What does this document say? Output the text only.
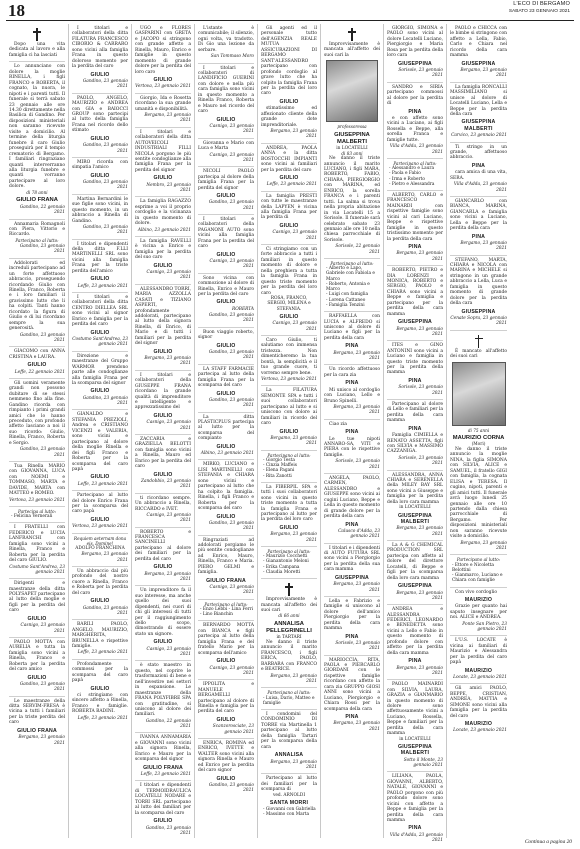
18	L'ECO DI BERGAMO
SABATO 23 GENNAIO 2021

Dopo una vita dedicata al lavoro e alla famiglia ci ha lasciati

Lo annunciano con dolore la moglie RINELLA, i figli FRANCO e ROBERTA, il cognato, la nuora, le nipoti e i parenti tutti. Il funerale si terrà sabato 23 gennaio alle ore 14.30 direttamente nella Basilica di Gandino. Per disposizioni ministeriali non saranno ricevute visite a domicilio. Al termine della liturgia funebre il caro Giulio proseguirà per il tempio crematorio di Bergamo. I familiari ringraziano quanti interverranno alla liturgia funebre e quanti vorranno partecipare al loro dolore.

di 78 anni
GIULIO FRANA
Gandino, 22 gennaio 2021

Annamaria Romagnoli con Piera, Vittorio e Riccardo.

Partecipano al lutto:
Gandino, 23 gennaio 2021

Addolorati ed increduli partecipano ad un forte affettuoso abbraccio, proseguendo ricordando Giulio con Rinella, Franco, Roberta e i loro familiari il gravissimo lutto che li ha colpiti. Tanti hanno ricordato la figura di Giulio e di lui ricordano sempre la sua generosità.

Gandino, 23 gennaio 2021

GIACOMO con ANNA CRISTINA e LAURA.

GIULIO
Leffe, 22 gennaio 2021

Gli uomini veramente grandi non possono dubitare di se stessi nemmeno fino alla fine. Gandino ricorda con rimpianto i primi grandi amici che lo hanno preceduto, con profondo affetto lasciano a noi il suo ricordo: Giulio, Rinella, Franco, Roberta e Sergio.

Gandino, 23 gennaio 2021

Tua Rinella MARIO con GIOVANNA, LUCA con NOEMI e TOMMASO, MARTA e DAVIDE, MARTA con MATTEO e ROMEO.

Vertova, 23 gennaio 2021
Partecipa al lutto:
- Felicina Vernerali

I FRATELLI con FEDERICO e LUCIA LANFRANCHI con famiglia sono vicini a Rinella, Franco e Roberta per la perdita del caro GIULIO.

Costumo Sant'Andrea, 23 gennaio 2021

Dirigenti e maestranze della ditta POLYSAPET partecipano al lutto della moglie e figli per la perdita del caro

GIULIO
Casnigo, 23 gennaio 2021

PAOLO MOTTA con AURELIA e tutta la famiglia sono vicini a Rinella, Franco e Roberta per la perdita del caro amico

GIULIO
Gandino, 23 gennaio 2021

Le maestranze della ditta SERVIM-FRESA è vicina a tutti i familiari per la triste perdita del caro

GIULIO FRANA
Bergamo, 23 gennaio 2021

I titolari e collaboratori della ditta FILATURA FRANCESCO CIBORIO & CARRARO sono vicini alla famiglia Frana in questo doloroso momento per la perdita del caro

GIULIO
Gandino, 23 gennaio 2021

PAOLO, ANGELO, MAURIZIO e ANDREA con GIA e BAIOCCI GROUP sono partecipi al lutto della famiglia Frana nel ricordo dello stimato

GIULIO
Gandino, 23 gennaio 2021

MIRO ricorda con simpatia l'amico

GIULIO
Gandino, 23 gennaio 2021

Martina Bernardini le sue figlie sono vicini, in questo momento, in un abbraccio a Rinella di Gandino.

Gandino, 23 gennaio 2021

I titolari e dipendenti della ditta F.LLI MARTINELLI SRL sono vicini alla famiglia Frana per la triste perdita dell'amico

GIULIO
Leffe, 23 gennaio 2021

I titolari e collaboratori della ditta CENTRO DIELLEA SRL sono vicini al signor Enrico e famiglia per la perdita del caro

GIULIO
Costumo Sant'Andrea, 23 gennaio 2021

Direzione e maestranze del Gruppo WARMOR prendono parte alle condoglianze alla famiglia Frana per la scomparsa del signor

GIULIO
Gandino, 23 gennaio 2021

GIANALDO e STEFANIA PREZIOLI, Andrea e CRISTIANO VICENZI e VALERIA, sono vicini e partecipano al dolore della moglie Rinella e dei figli Franco e Roberta per la scomparsa del caro papà

GIULIO
Leffe, 23 gennaio 2021

Partecipano al lutto del dolore Enrico Frana per la scomparsa del caro papà

GIULIO
Vertova, 23 gennaio 2021
Requiem aeternam dona eis, Domine!
ADOLFO FRANCHINA
Bergamo, 23 gennaio 2021

Un abbraccio dal più profondo del nostro cuore a Rinella, Franco e Roberta per la perdita del caro

GIULIO
Gandino, 23 gennaio 2021

BARILI PAOLO, ANGELO, MAURIZIO, MARGHERITA, BRUNELLA e rispettive famiglie.

Leffe, 23 gennaio 2021

Profondamente commossi per la scomparsa del caro papà

GIULIO

ci stringiamo con sincero affetto a Rinella, Franco e famiglie. ROBERTA BADINI.

Leffe, 23 gennaio 2021

UGO e FLORES GASPARINI con GRETA e JACOPO si stringono con grande affetto a Rinella, Mauro, Enrico e famiglie in questo momento di grande dolore per la perdita del loro caro

GIULIO
Vertova, 23 gennaio 2021

Giorgio, Ida e Rosetta ricordano la sua grande umanità e disponibilità.

Bergamo, 23 gennaio 2021

I titolari e collaboratori della ditta AUTOVEICOLI INDUSTRIALI FILLI NICOLA porgono le più sentite condoglianze alla famiglia Frana per la perdita del signor

GIULIO
Nembro, 23 gennaio 2021

La famiglia RAGAZZO esprime a voi il proprio cordoglio e la vicinanza in questo momento di dolore.

Albino, 23 gennaio 2021

La famiglia RAVELLI è vicina a Enrico e famiglia per la perdita del suo caro

GIULIO
Casnigo, 23 gennaio 2021

ALESSANDRO TORRI, MARIA AZZOLLA CASATI e TIZIANO ASPERTI, profondamente addolorati, partecipano al lutto della signora Rinella, di Enrico, di Mario e di tutti i familiari per la perdita del signor

GIULIO
Bergamo, 23 gennaio 2021

I titolari e collaboratori della GIUSEPPE FRANA ricordano la grande qualità di imprenditore e intelligente e apprezzatissimo del

GIULIO
Casnigo, 23 gennaio 2021

ZACCARIA e GRAZIELLA BELOTTI con famiglia sono vicini a Rinella, Mauro ed Enrico per la perdita del caro

GIULIO
Zandobbio, 23 gennaio 2021

ti ricordano sempre. Un abbraccio a Rinella, RICCARDO e IVET.

Casnigo, 23 gennaio 2021

ROBERTO e FRANCESCA SANCINELLI partecipano al dolore dei familiari per la perdita del caro

GIULIO
Bergamo, 23 gennaio 2021

Un imprenditore fa il suo interesse, ma anche quello dei suoi dipendenti, nei cuori di chi gli interessi di tutti per il raggiungimento dello scopo, dimostrando di essere stato un signore.

GIULIO
Casnigo, 23 gennaio 2021

è stato maestro in questo, nel coprire le trasformazioni di bene e nell'investire nei settori in espansione. Le maestranze della FRANA POLYFIBRE SPA con gratitudine, si uniscono al dolore dei familiari.

Gandino, 22 gennaio 2021

IVANNA ANNAMARIA e GIOVANNI sono vicini alla signora Rinella, Enrico e Mauro per la scomparsa del signor

GIULIO FRANA
Leffe, 23 gennaio 2021

I titolari e dipendenti di TERMOIDRAULICA LOCATELLI NODARE e TORRI SRL partecipano al lutto dei familiari per la scomparsa del caro

GIULIO
Gandino, 23 gennaio 2021

L'istante è comunicabile; il silenzio, ogni volta, va tradotto. Di Gio una lezione da serbare.

San Tommaso Moro

I titolari e collaboratori di LANDIFICIO GUERINI con dolore e nella più cara famiglia sono vicini in questo momento a Rinella Franco, Roberta e Mauro nel ricordo del caro

GIULIO
Casnigo, 23 gennaio 2021

Giovanna e Mario con Luca e Marta

Casnigo, 23 gennaio 2021

NICOLI PAOLO partecipa al dolore della famiglia Frana per la perdita del signor

GIULIO
Gandino, 23 gennaio 2021

I titolari e collaboratori della PAGANONI AUTO sono vicini alla famiglia Frana per la perdita del caro

GIULIO
Casnigo, 23 gennaio 2021

Sono vicina con commozione al dolore di Rinella, Enrico e Mauro per la perdita del caro

GIULIO
ROBERTA
Gandino, 23 gennaio 2021

Buon viaggio roberto, signor

GIULIO
Gandino, 23 gennaio 2021

LA STAFF FARMACIE partecipa al lutto della famiglia Frana per la scomparsa del caro

GIULIO
Gandino, 23 gennaio 2021

La ditta PLASTICPLUS partecipa al lutto per la scomparsa del compianto

GIULIO
Albino, 23 gennaio 2021

MIRKO, LUCIANO e LISI MARTINELLI con STEFANIA e CHIARA sono vicini e partecipano al lutto che ha colpito la famiglia. Rinella, i figli Franco e Roberta per la scomparsa del caro

GIULIO
Gandino, 23 gennaio 2021

Ringraziati ad addolorati porgiamo le più sentite condoglianze ad Enrico, Mauro, Rinella, Franco e Maria. PIERO GELMI e famiglia.

GIULIO FRANA
Casnigo, 23 gennaio 2021
Partecipano al lutto:
- Enzo Lebbi - Lina Ferri
- Lino Bianchin

BERNARDO MOTTA con BIANCA e figli partecipa al lutto della famiglia Frana e del fratello Mario per la scomparsa dell'amico

GIULIO
Casnigo, 23 gennaio 2021

IPPOLITA e MANUELE BERGAMELLI partecipano al dolore di Rinella e famiglia per la perdita del caro

GIULIO
Scanzorosciate, 23 gennaio 2021

ENRICA, ROMINA ed ENRICO, IVETTE e WALTER sono vicini alla signora Rinella e Mauro ed Enrico per la perdita del caro signor

GIULIO
Gandino, 23 gennaio 2021

Gli agenti ed il personale tutto dell'AGENZIA REALE MUTUA ASSICURAZIONI DI BERGAMO SANT'ALESSANDRO partecipano con profondo cordoglio al grave lutto che ha colpito la famiglia Frana per la perdita del loro caro

GIULIO

stimatissimo ed affezionato cliente della grande dote imprenditoriale.

Bergamo, 23 gennaio 2021

ANDREA, PAOLA ANNA e la ditta BOSTOCCHI IMPIANTI sono vicini ai familiari per la perdita del caro

GIULIO
Leffe, 23 gennaio 2021

La famiglia PRESTI con tutte le maestranze della LAPYEN è vicina alla famiglia Frana per la perdita di

GIULIO
Casnigo, 23 gennaio 2021

Ci stringiamo con un forte abbraccio a tutti i familiari in questo momento di dolore e nella preghiera a tutta la famiglia Frana in questo triste momento per la perdita del loro caro

ROSA, FRANCO, SERGIO, MILENA e STEFANIA.
GIULIO
Casnigo, 23 gennaio 2021

Caro Giulio, ti salutiamo con immensa tristezza. Non dimenticheremo la tua bontà, la semplicità e il tuo grande cuore, ti vorremo sempre bene.

Vertova, 23 gennaio 2021

La FILATURA SEMONTE SPA e tutti i suoi collaboratori partecipano al lutto e si uniscono con dolore ai familiari in ricordo del caro

GIULIO
Bergamo, 23 gennaio 2021
Partecipano al lutto:
- Giorgio Testa
- Cinzia Maffeis
- Elena Pagani
- Rita Zanotti

La FIBERPIL SPA e tutti i suoi collaboratori sono vicini in questo triste momento a tutta la famiglia Frana e partecipano al lutto per la perdita del loro caro

GIULIO
Bergamo, 23 gennaio 2021
Partecipano al lutto:
- Maurizio Cocchetti
- Gianantonio Meloni
- Erika Campana
- Claudia Moretti

Improvvisamente è mancata all'affetto dei suoi cari

di 66 anni
ANNALISA PELLEGRINELLI
in TARTARI

Ne danno il triste annuncio il marito FRANCESCO, i figli ERICA, PAOLO, BARBARA con FRANCO e BEATRICE.

Bergamo, 23 gennaio 2021
Partecipano al lutto:
- Luisa, Dario, Matteo e famiglie

I condomini del CONDOMINIO DI TORRE via Martinella 1 partecipano al lutto della famiglia Tartari per la scomparsa della cara

ANNALISA
Bergamo, 23 gennaio 2021

Partecipano al lutto dei familiari per la scomparsa di

ved. ARNOLDI
SANTA MORRI
- Giovanni con Gabriella
- Massimo con Marta

Improvvisamente è mancata all'affetto dei suoi cari la

professoressa
GIUSEPPINA MALBERTI
in LOCATELLI
di 83 anni

Ne danno il triste annuncio il marito LUCIANO, i figli MARA, ROBERTO, FABIO, CHIARA, PIERGIORGIO con MARINA, ed ENRICO, la sorella FRANCA e i parenti tutti. La salma si trova nella propria abitazione in via Locatelli 15 a Sorisole. Il funerale sarà celebrato sabato 23 gennaio alle ore 10 nella chiesa parrocchiale di Sorisole.

Sorisole, 22 gennaio 2021
Partecipano al lutto:
- Alberto e Lapo, Gabriele con Fabiola e Marco
- Roberto, Antonia e Marco
- Luigi con famiglia
- Lorena Cattaneo
- Famiglia Tenzini

RAFFAELLA con LUCIA e ALFREDO si uniscono al dolore di Luciano e figli per la perdita della cara

PINA
Bergamo, 23 gennaio 2021

Un ricordo affettuoso per la cara zia

PINA

Mi unisco al cordoglio con Luciano, Lello e Bruno Spinelli.

Bergamo, 23 gennaio 2021

Ciao zia

PINA

Le tue nipoti ANNARO-SA, VITI e PIERA con le rispettive famiglie.

Sorisole, 23 gennaio 2021

ANGELA, PAOLO, CARMEN, ALESSANDRO e GIUSEPPE sono vicini ai cugini Luciano, Beppe e Lella in questo momento di grande dolore per la perdita della cara

PINA
Calusco d'Adda, 23 gennaio 2021

I titolari e i dipendenti di AUTO FUTURA SRL sono vicini a Piergiorgio per la perdita della sua cara mamma

GIUSEPPINA
Bergamo, 23 gennaio 2021

Lella e Fabrizio e famiglie si uniscono al dolore dell'amico Piergiorgio per la perdita della cara mamma

PINA
Sorisole, 23 gennaio 2021

MARIOCCIA, RITA, PAOLA e PIERCARLO GIORDANI con le rispettive famiglie ricordano con affetto la cara zia GRUPPO GIOSI ANNI sono vicini a Luciano, Piergiorgio e Chiara Rossi per la scomparsa della cara

PINA
Bergamo, 23 gennaio 2021

GIORGIO, SIMONA e PAOLO sono vicini al dolore Locatelli Luciano, Piergiorgio e Maria Rosa per la perdita della loro cara

GIUSEPPINA
Sorisole, 23 gennaio 2021

SANDRO e SIRIA partecipano commossi al dolore per la perdita di

PINA

e con affetto sono vicini a Luciano, ai figli Rossella e Beppe, alla sorella Franca e famiglie tutte.

Villa d'Adda, 23 gennaio 2021
Partecipano al lutto:
- Alessandro e Laura
- Paola e Fabio
- Irma e Roberto
- Pietro e Alessandra

ALBERTO, CARLO e FRANCESCO MAINARDI con rispettive famiglie sono vicini al cari Luciano, Beppe e rispettive famiglie in questo tristissimo momento per la perdita della cara

PINA
Bergamo, 23 gennaio 2021

ROBERTO, PIETRO e DIA LORENZI e MONICA, ROBERTO e SERGIO, PAOLO e CHIARA sono vicini a Beppe e famiglia e partecipano per la perdita della cara mamma

GIUSEPPINA
Bergamo, 23 gennaio 2021

ITES e GINO ANTONINI sono vicini a Luciano e famiglia in questo triste momento per la perdita della mamma

PINA
Sorisole, 23 gennaio 2021

Partecipano al dolore di Lello e familiari per la perdita della cara mamma

PINA

Famiglia CIMIELLA e RENATO ASSETTA, figli con SILVIA e MASSIMO CAZZANIGA.

Sorisole, 23 gennaio 2021

ALESSANDRA, ANNA CHIARA e SERENELLA della MILEY BAY SRL sono vicini a Giuseppe e famiglia per la perdita della loro cara mamma

in LOCATELLI
GIUSEPPINA MALBERTI
Bergamo, 23 gennaio 2021

La A & G CHEMICAL PRODUCTION SRL partecipa con affetto al dolore del direttore Locatelli, di Beppe e figli per la scomparsa della loro cara mamma

GIUSEPPINA
Bergamo, 23 gennaio 2021

ANDREA e ALESSANDRA FEDERICI, LEONARDO e BENEDETTA sono vicini a Lello e Fabio in questo momento di profondo dolore con affetto per la perdita della cara mamma

PINA
Bergamo, 23 gennaio 2021

PAOLO MAINARDI con SILVIA, LAURA, GRAZIA e GIANMARIO in questo momento di dolore sono affettuosamente vicini a Luciano, Rossella, Beppe e familiari per la perdita della cara mamma

in LOCATELLI
GIUSEPPINA MALBERTI
Sotto il Monte, 23 gennaio 2021

LILIANA, PAOLA, GIOVANNI, ALBERTO, NATALE, GIOVANNI e PAOLO porgono con più profondo dolore sono vicini con affetto a Beppe e famiglia per la perdita della cara mamma

PINA
Villa d'Adda, 23 gennaio 2021

PAOLO e CHICCA con le bimbe si stringono con affetto a Lella, Fabio, Carlo e Chiara nel ricordo della cara mamma

GIUSEPPINA
Bergamo, 23 gennaio 2021

La famiglia RONCALLI MASSIMILIANO si unisce al dolore di Locatelli Luciano, Lella e Beppe per la perdita della cara

GIUSEPPINA MALBERTI
Carvico, 23 gennaio 2021

Ti stringo in un grande, affettuoso abbraccio.

PINA

cara amica di una vita, SERA.

Villa d'Adda, 23 gennaio 2021

GIANCARLO con BIANCA, MARINA, GIANCARLA e famiglia sono vicini a Luciano, Lella e Beppe per la perdita della cara

PINA
Bergamo, 23 gennaio 2021

STEFANO, MARTA, CHIARA e NICOLA con MARINA e MICHELE si stringono in un grande abbraccio a Lella, Luca e famiglia in questo momento di grande dolore per la perdita della cara

GIUSEPPINA
Cenate Sopra, 23 gennaio 2021

È mancato all'affetto dei suoi cari

di 75 anni
MAURIZIO CORNA
(Mori)

Ne danno il triste annuncio la moglie NINA, la figlia SIMONA con SILVIA, ALICE e SAMUEL, il fratello GIGI con famiglia, la cognata ELISA e TERESA. Il cugino, nipoti, parenti e gli amici tutti. Il funerale avrà luogo lunedì 25 gennaio alle ore 10 partendo dalla chiesa parrocchiale di Bergamo. Per disposizioni ministeriali non saranno ricevute visite a domicilio.

Bergamo, 23 gennaio 2021
Partecipano al lutto:
- Ettore e Nicoletta Belottini
- Gianmarco, Luciano e Chiara con famiglie

Con vivo cordoglio

MAURIZIO

Grazie per quanto hai saputo insegnare per noi. ALICE e ANDREA.

Ponte San Pietro, 23 gennaio 2021

L'U.S. LOCATE è vicina ai familiari di Maurizio e Alessandra per la perdita del caro papà

MAURIZIO
Locate, 23 gennaio 2021

Gli amici PAOLO, BEPPE, CRISTIAN, ANDREA, MATTIA e SIMONE sono vicini alla famiglia per la perdita del caro

MAURIZIO
Locate, 23 gennaio 2021
Continua a pagina 20
